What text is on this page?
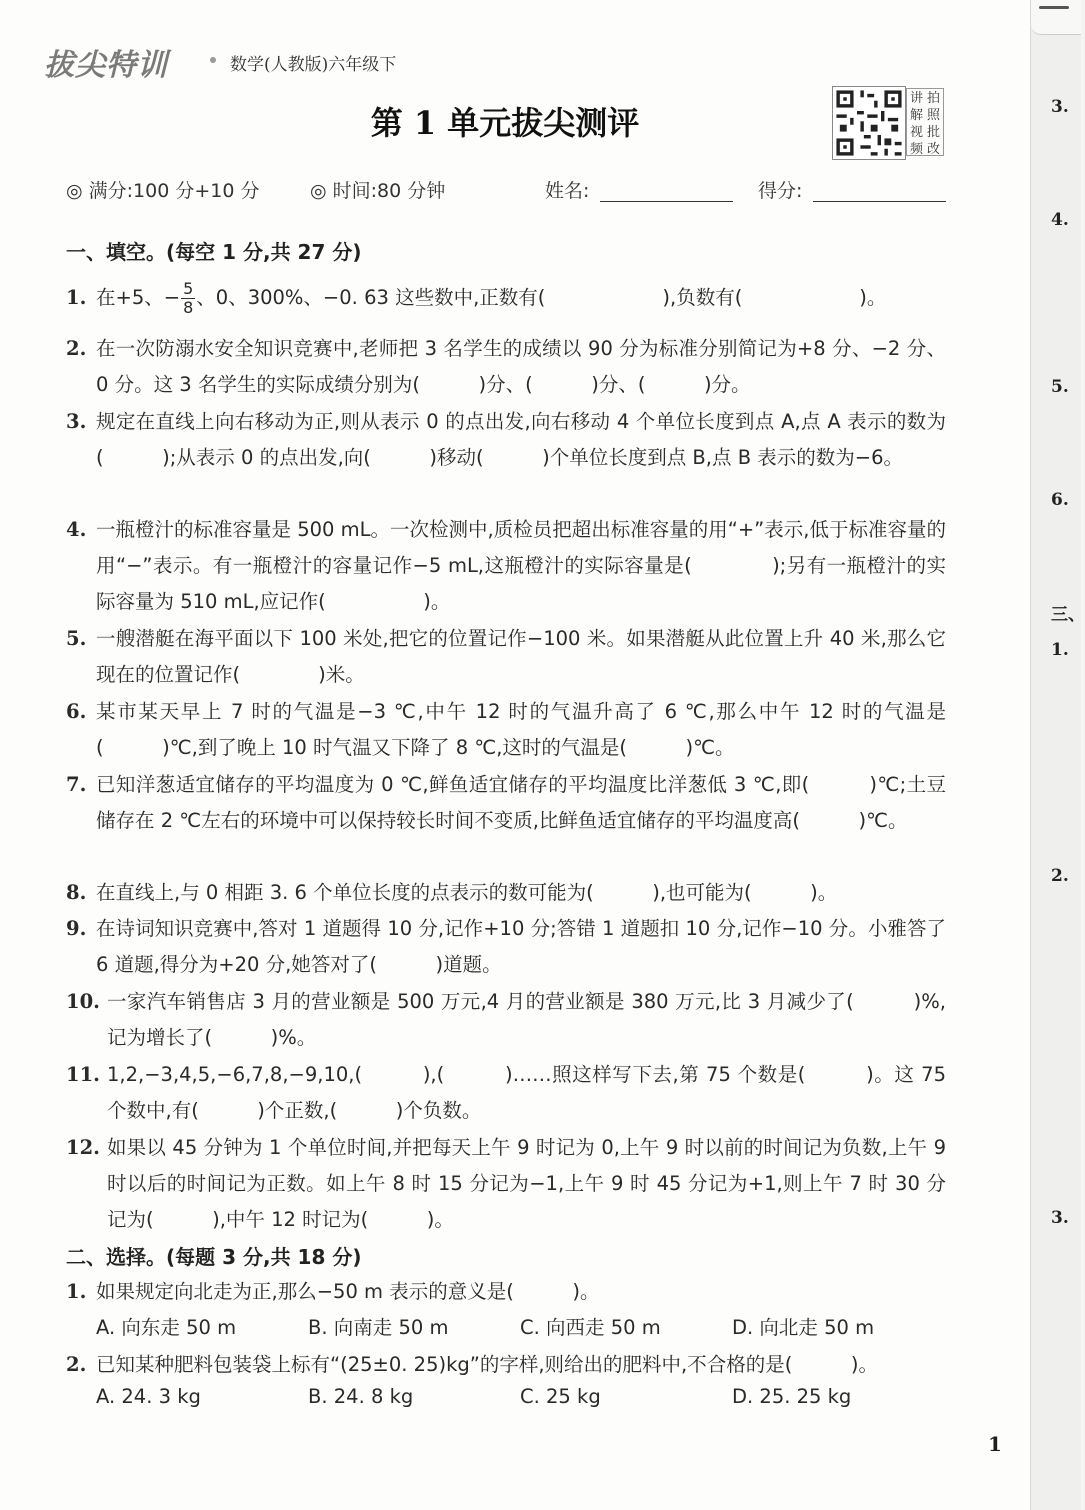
拔尖特训	数学(人教版)六年级下
第 1 单元拔尖测评
讲 拍解 照视 批频 改
◎ 满分:100 分+10 分	◎ 时间:80 分钟	姓名:	得分:
一、填空。(每空 1 分,共 27 分)
1. 在+5、− $\frac{5}{8}$ 、0、300%、−0. 63 这些数中,正数有(　　　　　　),负数有(　　　　　　)。
2. 在一次防溺水安全知识竞赛中,老师把 3 名学生的成绩以 90 分为标准分别简记为+8 分、−2 分、0 分。这 3 名学生的实际成绩分别为(　　　)分、(　　　)分、(　　　)分。
3. 规定在直线上向右移动为正,则从表示 0 的点出发,向右移动 4 个单位长度到点 A,点 A 表示的数为(　　　);从表示 0 的点出发,向(　　　)移动(　　　)个单位长度到点 B,点 B 表示的数为−6。
4. 一瓶橙汁的标准容量是 500 mL。一次检测中,质检员把超出标准容量的用“+”表示,低于标准容量的用“−”表示。有一瓶橙汁的容量记作−5 mL,这瓶橙汁的实际容量是(　　　　);另有一瓶橙汁的实际容量为 510 mL,应记作(　　　　　)。
5. 一艘潜艇在海平面以下 100 米处,把它的位置记作−100 米。如果潜艇从此位置上升 40 米,那么它现在的位置记作(　　　　)米。
6. 某市某天早上 7 时的气温是−3 ℃,中午 12 时的气温升高了 6 ℃,那么中午 12 时的气温是(　　　)℃,到了晚上 10 时气温又下降了 8 ℃,这时的气温是(　　　)℃。
7. 已知洋葱适宜储存的平均温度为 0 ℃,鲜鱼适宜储存的平均温度比洋葱低 3 ℃,即(　　　)℃;土豆储存在 2 ℃左右的环境中可以保持较长时间不变质,比鲜鱼适宜储存的平均温度高(　　　)℃。
8. 在直线上,与 0 相距 3. 6 个单位长度的点表示的数可能为(　　　),也可能为(　　　)。
9. 在诗词知识竞赛中,答对 1 道题得 10 分,记作+10 分;答错 1 道题扣 10 分,记作−10 分。小雅答了 6 道题,得分为+20 分,她答对了(　　　)道题。
10. 一家汽车销售店 3 月的营业额是 500 万元,4 月的营业额是 380 万元,比 3 月减少了(　　　)%,记为增长了(　　　)%。
11. 1,2,−3,4,5,−6,7,8,−9,10,(　　　),(　　　)……照这样写下去,第 75 个数是(　　　)。这 75 个数中,有(　　　)个正数,(　　　)个负数。
12. 如果以 45 分钟为 1 个单位时间,并把每天上午 9 时记为 0,上午 9 时以前的时间记为负数,上午 9 时以后的时间记为正数。如上午 8 时 15 分记为−1,上午 9 时 45 分记为+1,则上午 7 时 30 分记为(　　　),中午 12 时记为(　　　)。
二、选择。(每题 3 分,共 18 分)
1. 如果规定向北走为正,那么−50 m 表示的意义是(　　　)。
A. 向东走 50 m	B. 向南走 50 m	C. 向西走 50 m	D. 向北走 50 m
2. 已知某种肥料包装袋上标有“(25±0. 25)kg”的字样,则给出的肥料中,不合格的是(　　　)。
A. 24. 3 kg	B. 24. 8 kg	C. 25 kg	D. 25. 25 kg
1
3.
4.
5.
6.
三、
1.
2.
3.
